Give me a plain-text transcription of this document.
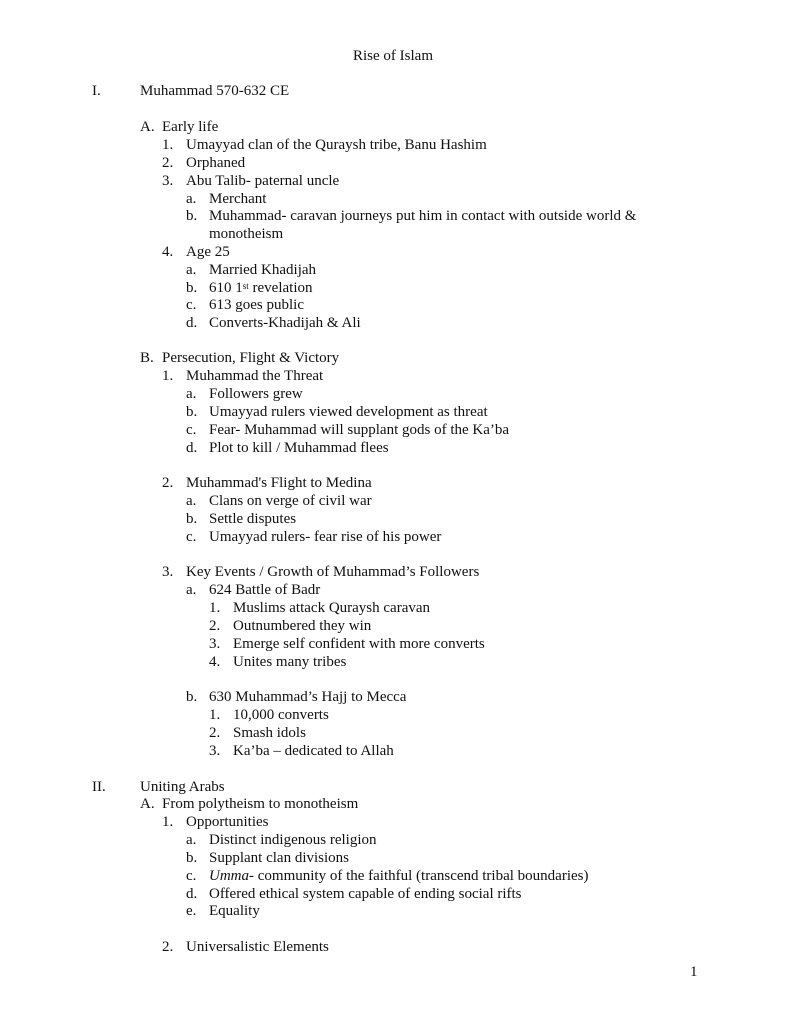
Rise of Islam
1
I.	Muhammad 570-632 CE
A. Early life
1. Umayyad clan of the Quraysh tribe, Banu Hashim
2. Orphaned
3. Abu Talib- paternal uncle
a. Merchant
b. Muhammad- caravan journeys put him in contact with outside world &
monotheism
4. Age 25
a. Married Khadijah
b. 610 1st revelation
c. 613 goes public
d. Converts-Khadijah & Ali
B. Persecution, Flight & Victory
1. Muhammad the Threat
a. Followers grew
b. Umayyad rulers viewed development as threat
c. Fear- Muhammad will supplant gods of the Ka’ba
d. Plot to kill / Muhammad flees
2. Muhammad's Flight to Medina
a. Clans on verge of civil war
b. Settle disputes
c. Umayyad rulers- fear rise of his power
3. Key Events / Growth of Muhammad’s Followers
a. 624 Battle of Badr
1. Muslims attack Quraysh caravan
2. Outnumbered they win
3. Emerge self confident with more converts
4. Unites many tribes
b. 630 Muhammad’s Hajj to Mecca
1. 10,000 converts
2. Smash idols
3. Ka’ba – dedicated to Allah
II. Uniting Arabs
A. From polytheism to monotheism
1. Opportunities
a. Distinct indigenous religion
b. Supplant clan divisions
c. Umma- community of the faithful (transcend tribal boundaries)
d. Offered ethical system capable of ending social rifts
e. Equality
2. Universalistic Elements
